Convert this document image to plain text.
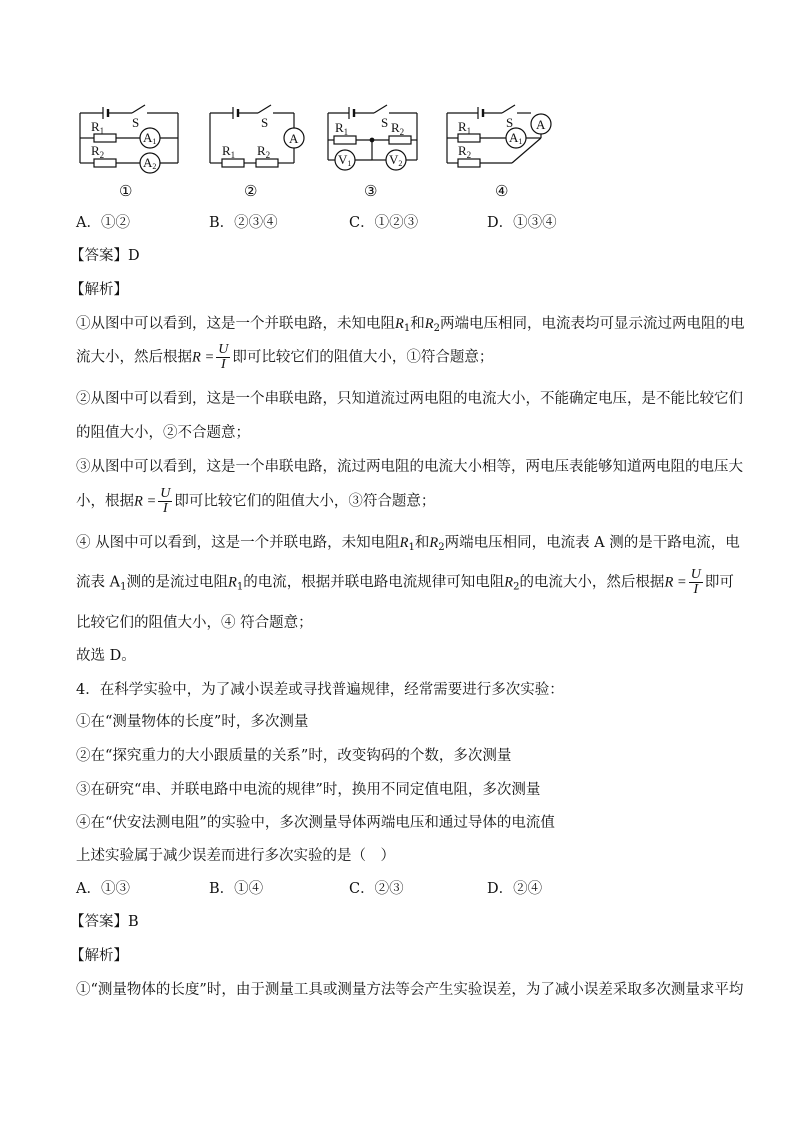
S
$R_1$
$R_2$
A1
A2
S
A
$R_1$ $R_2$
S
$R_1$	$R_2$
V1	V2
S A
$R_1$
$R_2$
A1
①	②	③	④
A．①②	B．②③④	C．①②③	D．①③④
【答案】D
【解析】
①从图中可以看到，这是一个并联电路，未知电阻$R_1$和$R_2$两端电压相同，电流表均可显示流过两电阻的电
流大小，然后根据$R = \frac{U}{I}$ 即可比较它们的阻值大小，①符合题意；
②从图中可以看到，这是一个串联电路，只知道流过两电阻的电流大小，不能确定电压，是不能比较它们
的阻值大小，②不合题意；
③从图中可以看到，这是一个串联电路，流过两电阻的电流大小相等，两电压表能够知道两电阻的电压大
小，根据$R = \frac{U}{I}$ 即可比较它们的阻值大小，③符合题意；
④ 从图中可以看到，这是一个并联电路，未知电阻$R_1$和$R_2$两端电压相同，电流表 A 测的是干路电流，电
流表 $A_1$测的是流过电阻$R_1$的电流，根据并联电路电流规律可知电阻$R_2$的电流大小，然后根据$R = \frac{U}{I}$ 即可
比较它们的阻值大小，④ 符合题意；
故选 D。
4．在科学实验中，为了减小误差或寻找普遍规律，经常需要进行多次实验：
①在“测量物体的长度”时，多次测量
②在“探究重力的大小跟质量的关系”时，改变钩码的个数，多次测量
③在研究“串、并联电路中电流的规律”时，换用不同定值电阻，多次测量
④在“伏安法测电阻”的实验中，多次测量导体两端电压和通过导体的电流值
上述实验属于减少误差而进行多次实验的是（　）
A．①③	B．①④	C．②③	D．②④
【答案】B
【解析】
①“测量物体的长度”时，由于测量工具或测量方法等会产生实验误差，为了减小误差采取多次测量求平均
